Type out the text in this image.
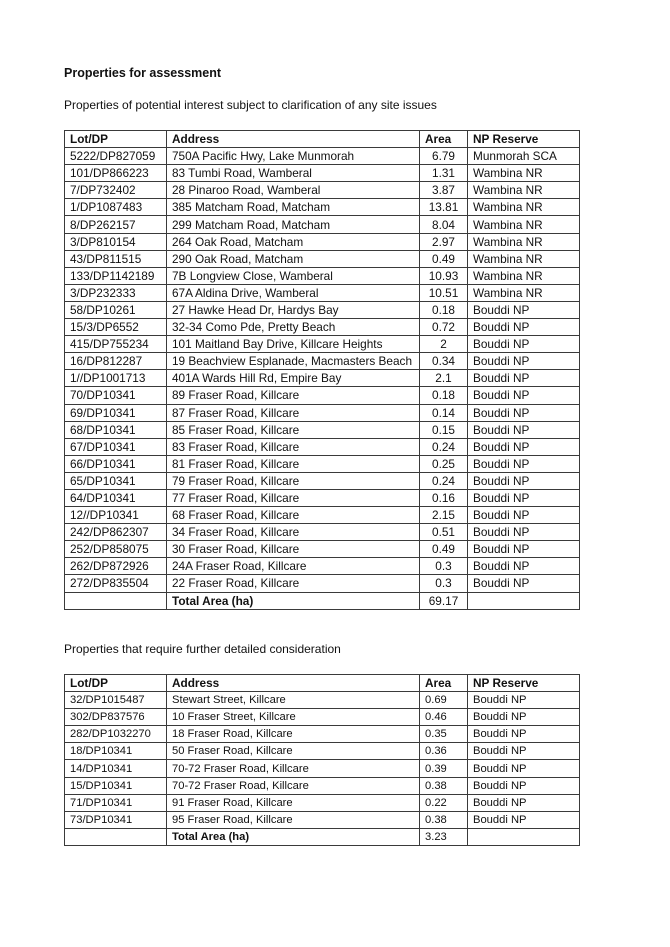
Properties for assessment

Properties of potential interest subject to clarification of any site issues

Lot/DP	Address	Area	NP Reserve
5222/DP827059	750A Pacific Hwy, Lake Munmorah	6.79	Munmorah SCA
101/DP866223	83 Tumbi Road, Wamberal	1.31	Wambina NR
7/DP732402	28 Pinaroo Road, Wamberal	3.87	Wambina NR
1/DP1087483	385 Matcham Road, Matcham	13.81	Wambina NR
8/DP262157	299 Matcham Road, Matcham	8.04	Wambina NR
3/DP810154	264 Oak Road, Matcham	2.97	Wambina NR
43/DP811515	290 Oak Road, Matcham	0.49	Wambina NR
133/DP1142189	7B Longview Close, Wamberal	10.93	Wambina NR
3/DP232333	67A Aldina Drive, Wamberal	10.51	Wambina NR
58/DP10261	27 Hawke Head Dr, Hardys Bay	0.18	Bouddi NP
15/3/DP6552	32-34 Como Pde, Pretty Beach	0.72	Bouddi NP
415/DP755234	101 Maitland Bay Drive, Killcare Heights	2	Bouddi NP
16/DP812287	19 Beachview Esplanade, Macmasters Beach	0.34	Bouddi NP
1//DP1001713	401A Wards Hill Rd, Empire Bay	2.1	Bouddi NP
70/DP10341	89 Fraser Road, Killcare	0.18	Bouddi NP
69/DP10341	87 Fraser Road, Killcare	0.14	Bouddi NP
68/DP10341	85 Fraser Road, Killcare	0.15	Bouddi NP
67/DP10341	83 Fraser Road, Killcare	0.24	Bouddi NP
66/DP10341	81 Fraser Road, Killcare	0.25	Bouddi NP
65/DP10341	79 Fraser Road, Killcare	0.24	Bouddi NP
64/DP10341	77 Fraser Road, Killcare	0.16	Bouddi NP
12//DP10341	68 Fraser Road, Killcare	2.15	Bouddi NP
242/DP862307	34 Fraser Road, Killcare	0.51	Bouddi NP
252/DP858075	30 Fraser Road, Killcare	0.49	Bouddi NP
262/DP872926	24A Fraser Road, Killcare	0.3	Bouddi NP
272/DP835504	22 Fraser Road, Killcare	0.3	Bouddi NP
	Total Area (ha)	69.17	

Properties that require further detailed consideration

Lot/DP	Address	Area	NP Reserve
32/DP1015487	Stewart Street, Killcare	0.69	Bouddi NP
302/DP837576	10 Fraser Street, Killcare	0.46	Bouddi NP
282/DP1032270	18 Fraser Road, Killcare	0.35	Bouddi NP
18/DP10341	50 Fraser Road, Killcare	0.36	Bouddi NP
14/DP10341	70-72 Fraser Road, Killcare	0.39	Bouddi NP
15/DP10341	70-72 Fraser Road, Killcare	0.38	Bouddi NP
71/DP10341	91 Fraser Road, Killcare	0.22	Bouddi NP
73/DP10341	95 Fraser Road, Killcare	0.38	Bouddi NP
	Total Area (ha)	3.23	
